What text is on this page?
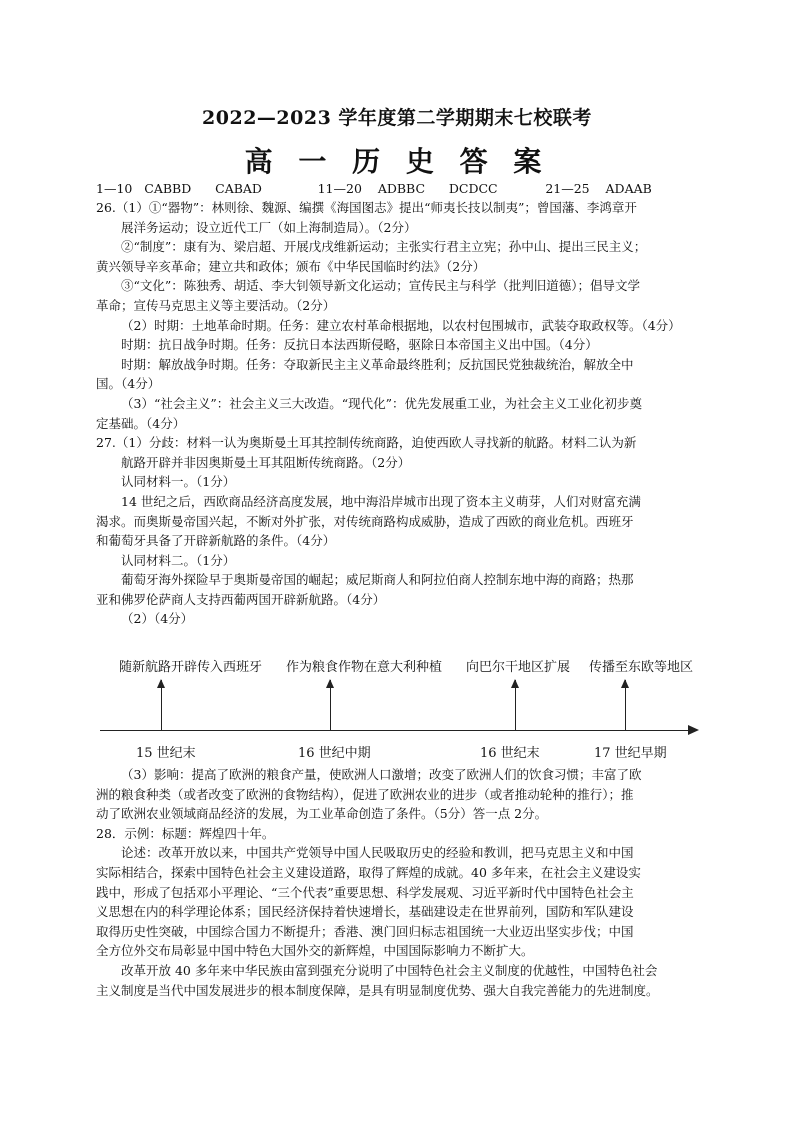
2022—2023 学年度第二学期期末七校联考
高 一 历 史 答 案
1—10 CABBD CABAD	11—20 ADBBC DCDCC	21—25 ADAAB
26.（1）①“器物”：林则徐、魏源、编撰《海国图志》提出“师夷长技以制夷”；曾国藩、李鸿章开
展洋务运动；设立近代工厂（如上海制造局）。（2分）
②“制度”：康有为、梁启超、开展戊戌维新运动；主张实行君主立宪；孙中山、提出三民主义；
黄兴领导辛亥革命；建立共和政体；颁布《中华民国临时约法》（2分）
③“文化”：陈独秀、胡适、李大钊领导新文化运动；宣传民主与科学（批判旧道德）；倡导文学
革命；宣传马克思主义等主要活动。（2分）
（2）时期：土地革命时期。任务：建立农村革命根据地，以农村包围城市，武装夺取政权等。（4分）
时期：抗日战争时期。任务：反抗日本法西斯侵略，驱除日本帝国主义出中国。（4分）
时期：解放战争时期。任务：夺取新民主主义革命最终胜利；反抗国民党独裁统治，解放全中
国。（4分）
（3）“社会主义”：社会主义三大改造。“现代化”：优先发展重工业，为社会主义工业化初步奠
定基础。（4分）
27.（1）分歧：材料一认为奥斯曼土耳其控制传统商路，迫使西欧人寻找新的航路。材料二认为新
航路开辟并非因奥斯曼土耳其阻断传统商路。（2分）
认同材料一。（1分）
14 世纪之后，西欧商品经济高度发展，地中海沿岸城市出现了资本主义萌芽，人们对财富充满
渴求。而奥斯曼帝国兴起，不断对外扩张，对传统商路构成威胁，造成了西欧的商业危机。西班牙
和葡萄牙具备了开辟新航路的条件。（4分）
认同材料二。（1分）
葡萄牙海外探险早于奥斯曼帝国的崛起；威尼斯商人和阿拉伯商人控制东地中海的商路；热那
亚和佛罗伦萨商人支持西葡两国开辟新航路。（4分）
（2）（4分）
随新航路开辟传入西班牙 作为粮食作物在意大利种植 向巴尔干地区扩展 传播至东欧等地区
15 世纪末	16 世纪中期	16 世纪末	17 世纪早期
（3）影响：提高了欧洲的粮食产量，使欧洲人口激增；改变了欧洲人们的饮食习惯；丰富了欧
洲的粮食种类（或者改变了欧洲的食物结构），促进了欧洲农业的进步（或者推动轮种的推行）；推
动了欧洲农业领域商品经济的发展，为工业革命创造了条件。（5分）答一点 2分。
28．示例：标题：辉煌四十年。
论述：改革开放以来，中国共产党领导中国人民吸取历史的经验和教训，把马克思主义和中国
实际相结合，探索中国特色社会主义建设道路，取得了辉煌的成就。40 多年来，在社会主义建设实
践中，形成了包括邓小平理论、“三个代表”重要思想、科学发展观、习近平新时代中国特色社会主
义思想在内的科学理论体系；国民经济保持着快速增长，基础建设走在世界前列，国防和军队建设
取得历史性突破，中国综合国力不断提升；香港、澳门回归标志祖国统一大业迈出坚实步伐；中国
全方位外交布局彰显中国中特色大国外交的新辉煌，中国国际影响力不断扩大。
改革开放 40 多年来中华民族由富到强充分说明了中国特色社会主义制度的优越性，中国特色社会
主义制度是当代中国发展进步的根本制度保障，是具有明显制度优势、强大自我完善能力的先进制度。
